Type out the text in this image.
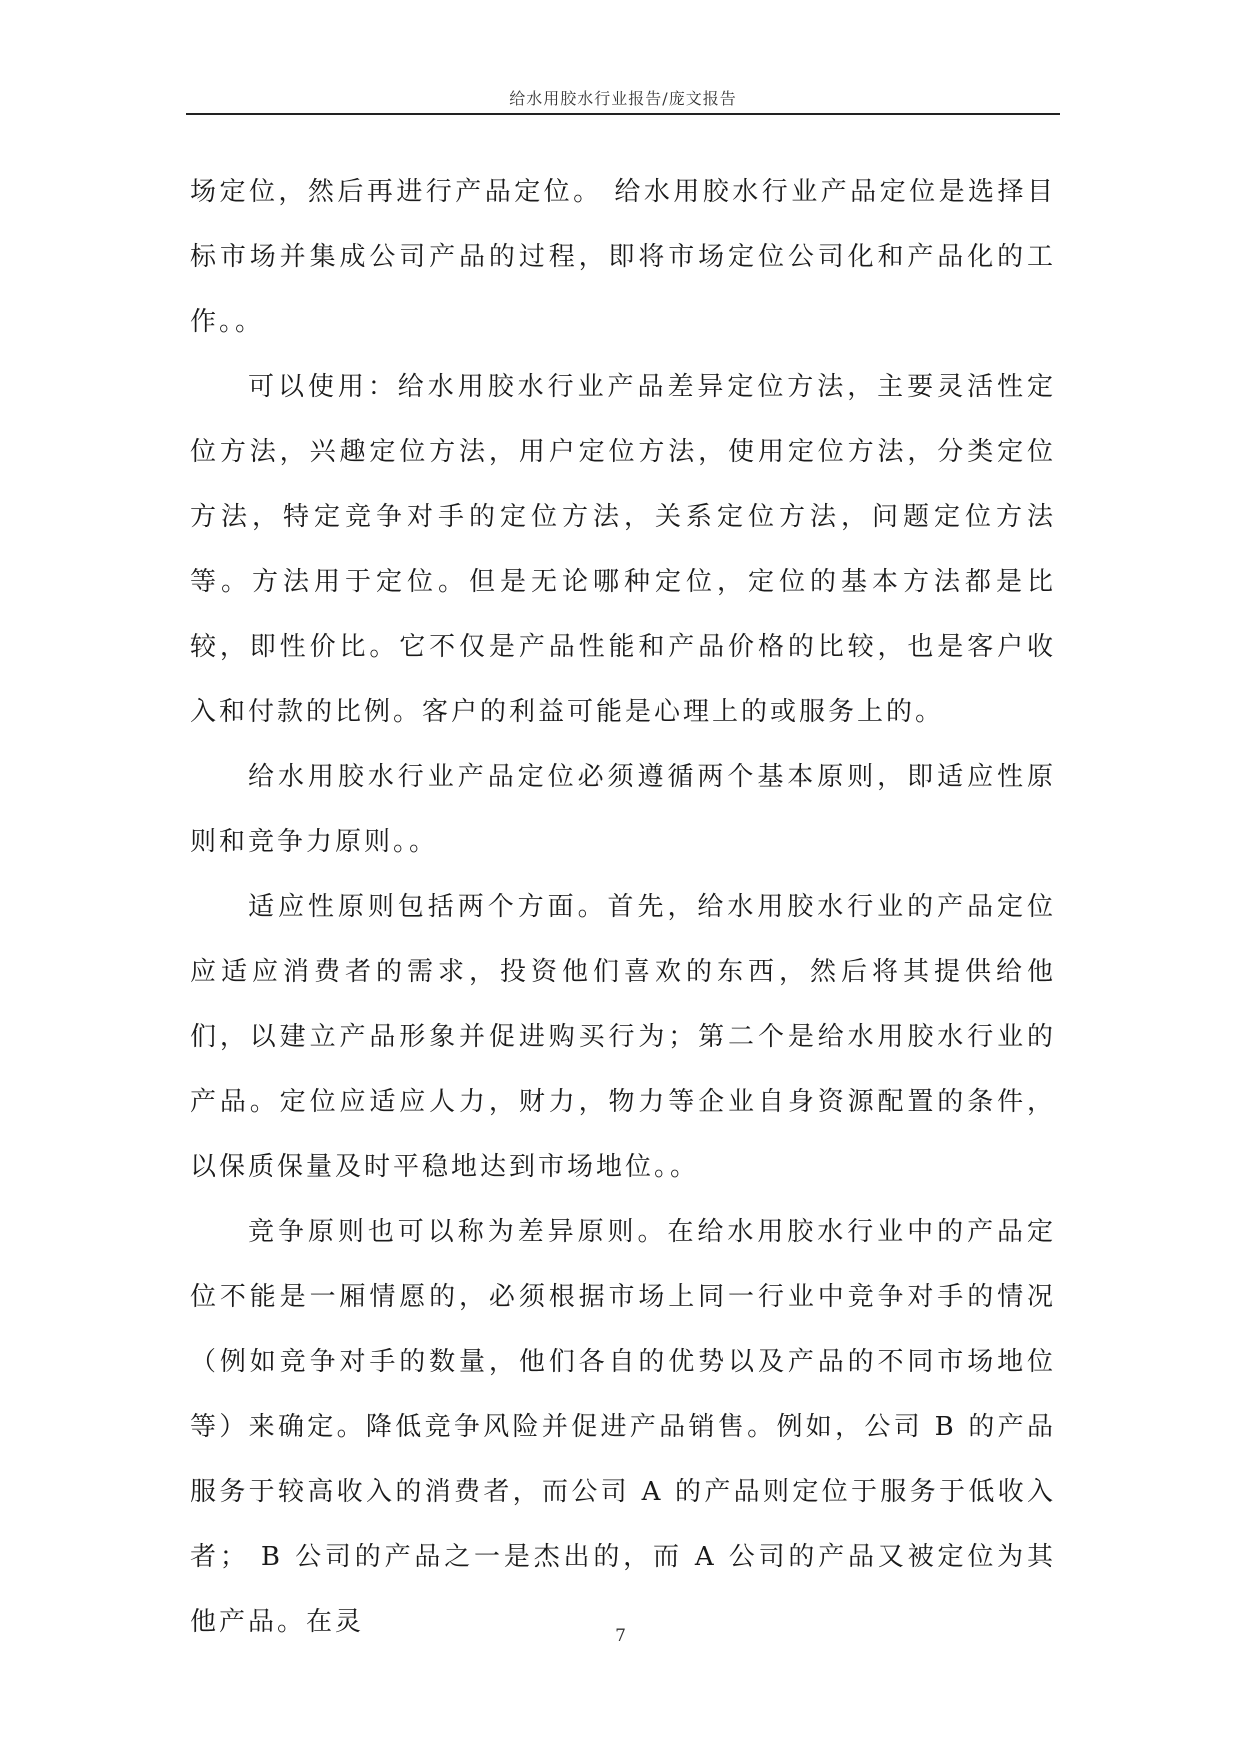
给水用胶水行业报告/庞文报告

场定位，然后再进行产品定位。 给水用胶水行业产品定位是选择目标市场并集成公司产品的过程，即将市场定位公司化和产品化的工作。。

可以使用：给水用胶水行业产品差异定位方法，主要灵活性定位方法，兴趣定位方法，用户定位方法，使用定位方法，分类定位方法，特定竞争对手的定位方法，关系定位方法，问题定位方法等。方法用于定位。但是无论哪种定位，定位的基本方法都是比较，即性价比。它不仅是产品性能和产品价格的比较，也是客户收入和付款的比例。客户的利益可能是心理上的或服务上的。

给水用胶水行业产品定位必须遵循两个基本原则，即适应性原则和竞争力原则。。

适应性原则包括两个方面。首先，给水用胶水行业的产品定位应适应消费者的需求，投资他们喜欢的东西，然后将其提供给他们，以建立产品形象并促进购买行为；第二个是给水用胶水行业的产品。定位应适应人力，财力，物力等企业自身资源配置的条件，以保质保量及时平稳地达到市场地位。。

竞争原则也可以称为差异原则。在给水用胶水行业中的产品定位不能是一厢情愿的，必须根据市场上同一行业中竞争对手的情况（例如竞争对手的数量，他们各自的优势以及产品的不同市场地位等）来确定。降低竞争风险并促进产品销售。例如，公司 B 的产品服务于较高收入的消费者，而公司 A 的产品则定位于服务于低收入者； B 公司的产品之一是杰出的，而 A 公司的产品又被定位为其他产品。在灵	7
